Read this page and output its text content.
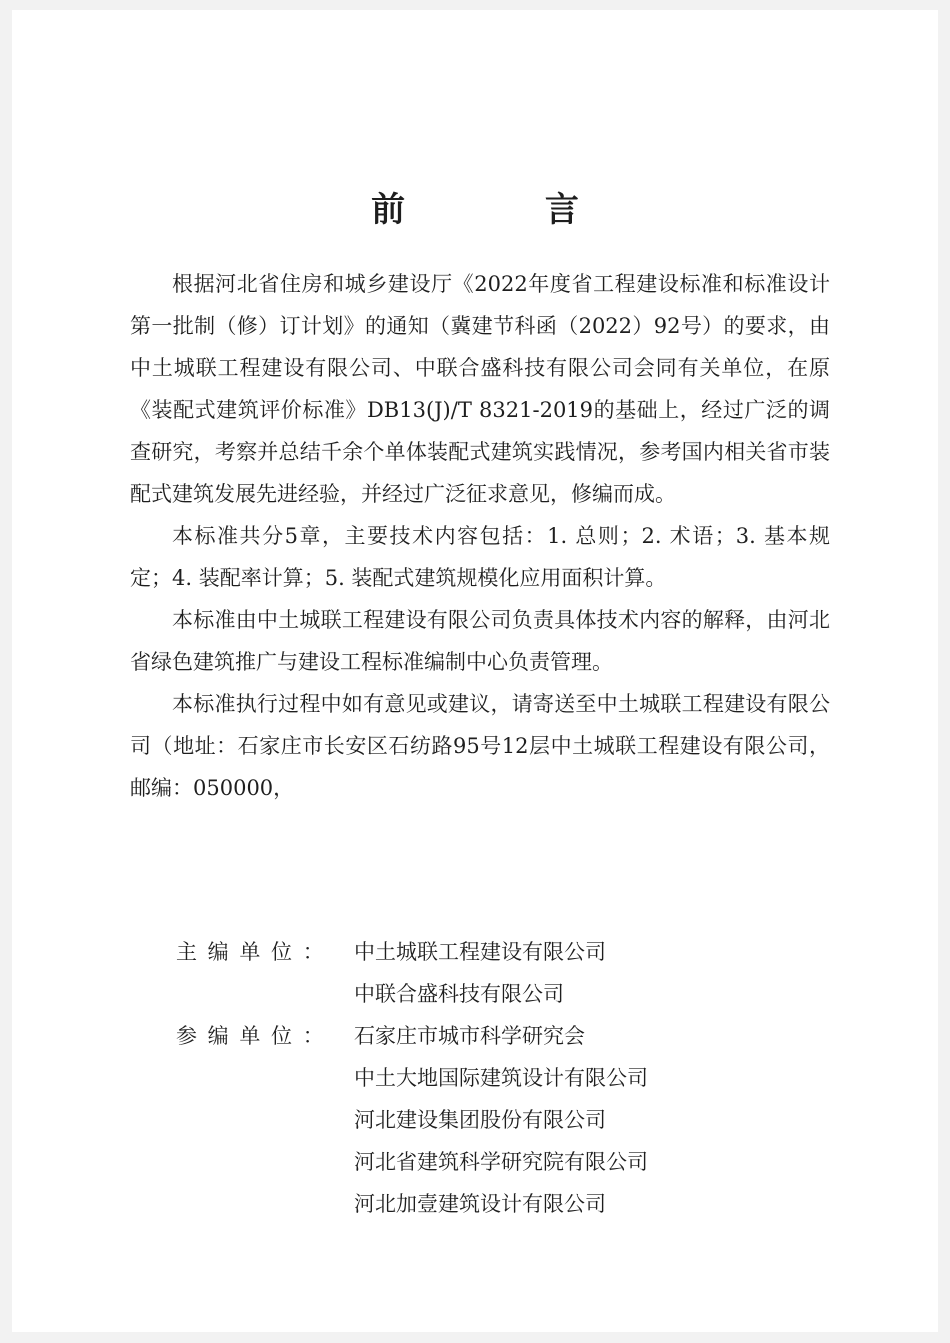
前 言

根据河北省住房和城乡建设厅《2022年度省工程建设标准和标准设计第一批制（修）订计划》的通知（冀建节科函（2022）92号）的要求，由中土城联工程建设有限公司、中联合盛科技有限公司会同有关单位，在原《装配式建筑评价标准》DB13(J)/T 8321-2019的基础上，经过广泛的调查研究，考察并总结千余个单体装配式建筑实践情况，参考国内相关省市装配式建筑发展先进经验，并经过广泛征求意见，修编而成。

本标准共分5章，主要技术内容包括：1. 总则；2. 术语；3. 基本规定；4. 装配率计算；5. 装配式建筑规模化应用面积计算。

本标准由中土城联工程建设有限公司负责具体技术内容的解释，由河北省绿色建筑推广与建设工程标准编制中心负责管理。

本标准执行过程中如有意见或建议，请寄送至中土城联工程建设有限公司（地址：石家庄市长安区石纺路95号12层中土城联工程建设有限公司，邮编：050000，

主 编 单 位 ：	中土城联工程建设有限公司
中联合盛科技有限公司
参 编 单 位 ：	石家庄市城市科学研究会
中土大地国际建筑设计有限公司
河北建设集团股份有限公司
河北省建筑科学研究院有限公司
河北加壹建筑设计有限公司
